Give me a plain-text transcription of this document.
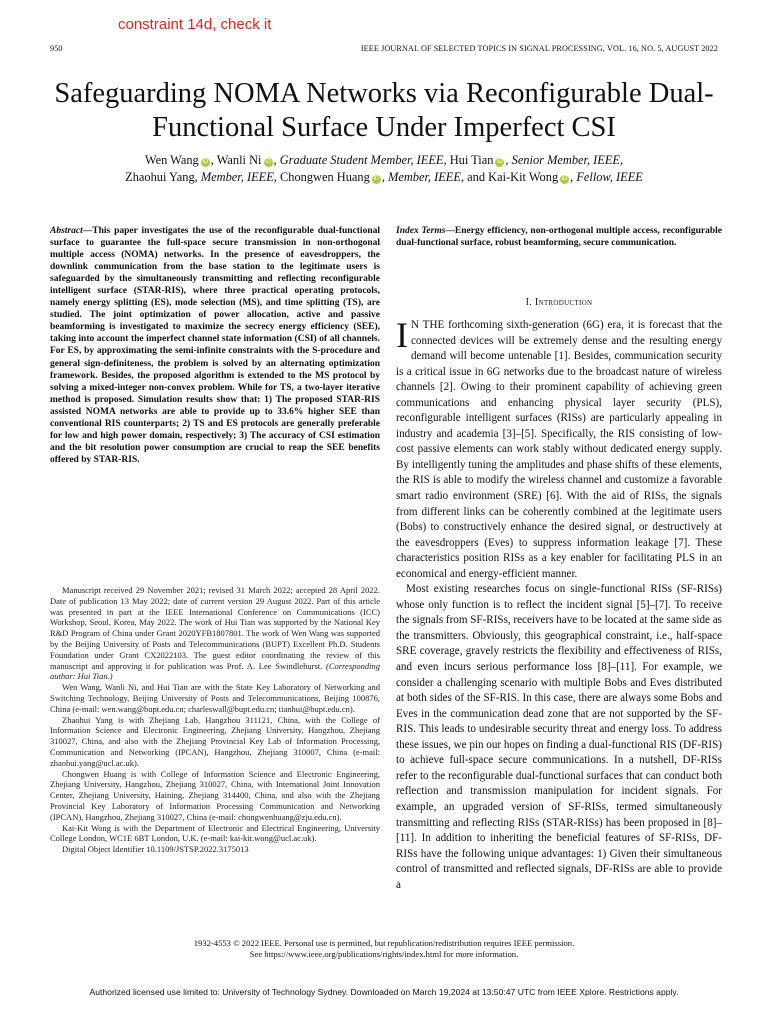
constraint 14d, check it
950	IEEE JOURNAL OF SELECTED TOPICS IN SIGNAL PROCESSING, VOL. 16, NO. 5, AUGUST 2022
Safeguarding NOMA Networks via Reconfigurable Dual-Functional Surface Under Imperfect CSI
Wen Wang iD , Wanli Ni iD , Graduate Student Member, IEEE, Hui Tian iD , Senior Member, IEEE,
Zhaohui Yang, Member, IEEE, Chongwen Huang iD , Member, IEEE, and Kai-Kit Wong iD , Fellow, IEEE
Abstract—This paper investigates the use of the reconfigurable dual-functional surface to guarantee the full-space secure transmission in non-orthogonal multiple access (NOMA) networks. In the presence of eavesdroppers, the downlink communication from the base station to the legitimate users is safeguarded by the simultaneously transmitting and reflecting reconfigurable intelligent surface (STAR-RIS), where three practical operating protocols, namely energy splitting (ES), mode selection (MS), and time splitting (TS), are studied. The joint optimization of power allocation, active and passive beamforming is investigated to maximize the secrecy energy efficiency (SEE), taking into account the imperfect channel state information (CSI) of all channels. For ES, by approximating the semi-infinite constraints with the S-procedure and general sign-definiteness, the problem is solved by an alternating optimization framework. Besides, the proposed algorithm is extended to the MS protocol by solving a mixed-integer non-convex problem. While for TS, a two-layer iterative method is proposed. Simulation results show that: 1) The proposed STAR-RIS assisted NOMA networks are able to provide up to 33.6% higher SEE than conventional RIS counterparts; 2) TS and ES protocols are generally preferable for low and high power domain, respectively; 3) The accuracy of CSI estimation and the bit resolution power consumption are crucial to reap the SEE benefits offered by STAR-RIS.

Manuscript received 29 November 2021; revised 31 March 2022; accepted 28 April 2022. Date of publication 13 May 2022; date of current version 29 August 2022. Part of this article was presented in part at the IEEE International Conference on Communications (ICC) Workshop, Seoul, Korea, May 2022. The work of Hui Tian was supported by the National Key R&D Program of China under Grant 2020YFB1807801. The work of Wen Wang was supported by the Beijing University of Posts and Telecommunications (BUPT) Excellent Ph.D. Students Foundation under Grant CX2022103. The guest editor coordinating the review of this manuscript and approving it for publication was Prof. A. Lee Swindlehurst. (Corresponding author: Hui Tian.)

Wen Wang, Wanli Ni, and Hui Tian are with the State Key Laboratory of Networking and Switching Technology, Beijing University of Posts and Telecommunications, Beijing 100876, China (e-mail: wen.wang@bupt.edu.cn; charleswall@bupt.edu.cn; tianhui@bupt.edu.cn).

Zhaohui Yang is with Zhejiang Lab, Hangzhou 311121, China, with the College of Information Science and Electronic Engineering, Zhejiang University, Hangzhou, Zhejiang 310027, China, and also with the Zhejiang Provincial Key Lab of Information Processing, Communication and Networking (IPCAN), Hangzhou, Zhejiang 310007, China (e-mail: zhaohui.yang@ucl.ac.uk).

Chongwen Huang is with College of Information Science and Electronic Engineering, Zhejiang University, Hangzhou, Zhejiang 310027, China, with International Joint Innovation Center, Zhejiang University, Haining, Zhejiang 314400, China, and also with the Zhejiang Provincial Key Laboratory of Information Processing Communication and Networking (IPCAN), Hangzhou, Zhejiang 310027, China (e-mail: chongwenhuang@zju.edu.cn).

Kai-Kit Wong is with the Department of Electronic and Electrical Engineering, University College London, WC1E 6BT London, U.K. (e-mail: kai-kit.wong@ucl.ac.uk).

Digital Object Identifier 10.1109/JSTSP.2022.3175013

Index Terms—Energy efficiency, non-orthogonal multiple access, reconfigurable dual-functional surface, robust beamforming, secure communication.
I. Introduction

I N THE forthcoming sixth-generation (6G) era, it is forecast that the connected devices will be extremely dense and the resulting energy demand will become untenable [1]. Besides, communication security is a critical issue in 6G networks due to the broadcast nature of wireless channels [2]. Owing to their prominent capability of achieving green communications and enhancing physical layer security (PLS), reconfigurable intelligent surfaces (RISs) are particularly appealing in industry and academia [3]–[5]. Specifically, the RIS consisting of low-cost passive elements can work stably without dedicated energy supply. By intelligently tuning the amplitudes and phase shifts of these elements, the RIS is able to modify the wireless channel and customize a favorable smart radio environment (SRE) [6]. With the aid of RISs, the signals from different links can be coherently combined at the legitimate users (Bobs) to constructively enhance the desired signal, or destructively at the eavesdroppers (Eves) to suppress information leakage [7]. These characteristics position RISs as a key enabler for facilitating PLS in an economical and energy-efficient manner.

Most existing researches focus on single-functional RISs (SF-RISs) whose only function is to reflect the incident signal [5]–[7]. To receive the signals from SF-RISs, receivers have to be located at the same side as the transmitters. Obviously, this geographical constraint, i.e., half-space SRE coverage, gravely restricts the flexibility and effectiveness of RISs, and even incurs serious performance loss [8]–[11]. For example, we consider a challenging scenario with multiple Bobs and Eves distributed at both sides of the SF-RIS. In this case, there are always some Bobs and Eves in the communication dead zone that are not supported by the SF-RIS. This leads to undesirable security threat and energy loss. To address these issues, we pin our hopes on finding a dual-functional RIS (DF-RIS) to achieve full-space secure communications. In a nutshell, DF-RISs refer to the reconfigurable dual-functional surfaces that can conduct both reflection and transmission manipulation for incident signals. For example, an upgraded version of SF-RISs, termed simultaneously transmitting and reflecting RISs (STAR-RISs) has been proposed in [8]–[11]. In addition to inheriting the beneficial features of SF-RISs, DF-RISs have the following unique advantages: 1) Given their simultaneous control of transmitted and reflected signals, DF-RISs are able to provide a

1932-4553 © 2022 IEEE. Personal use is permitted, but republication/redistribution requires IEEE permission.
See https://www.ieee.org/publications/rights/index.html for more information.
Authorized licensed use limited to: University of Technology Sydney. Downloaded on March 19,2024 at 13:50:47 UTC from IEEE Xplore. Restrictions apply.
